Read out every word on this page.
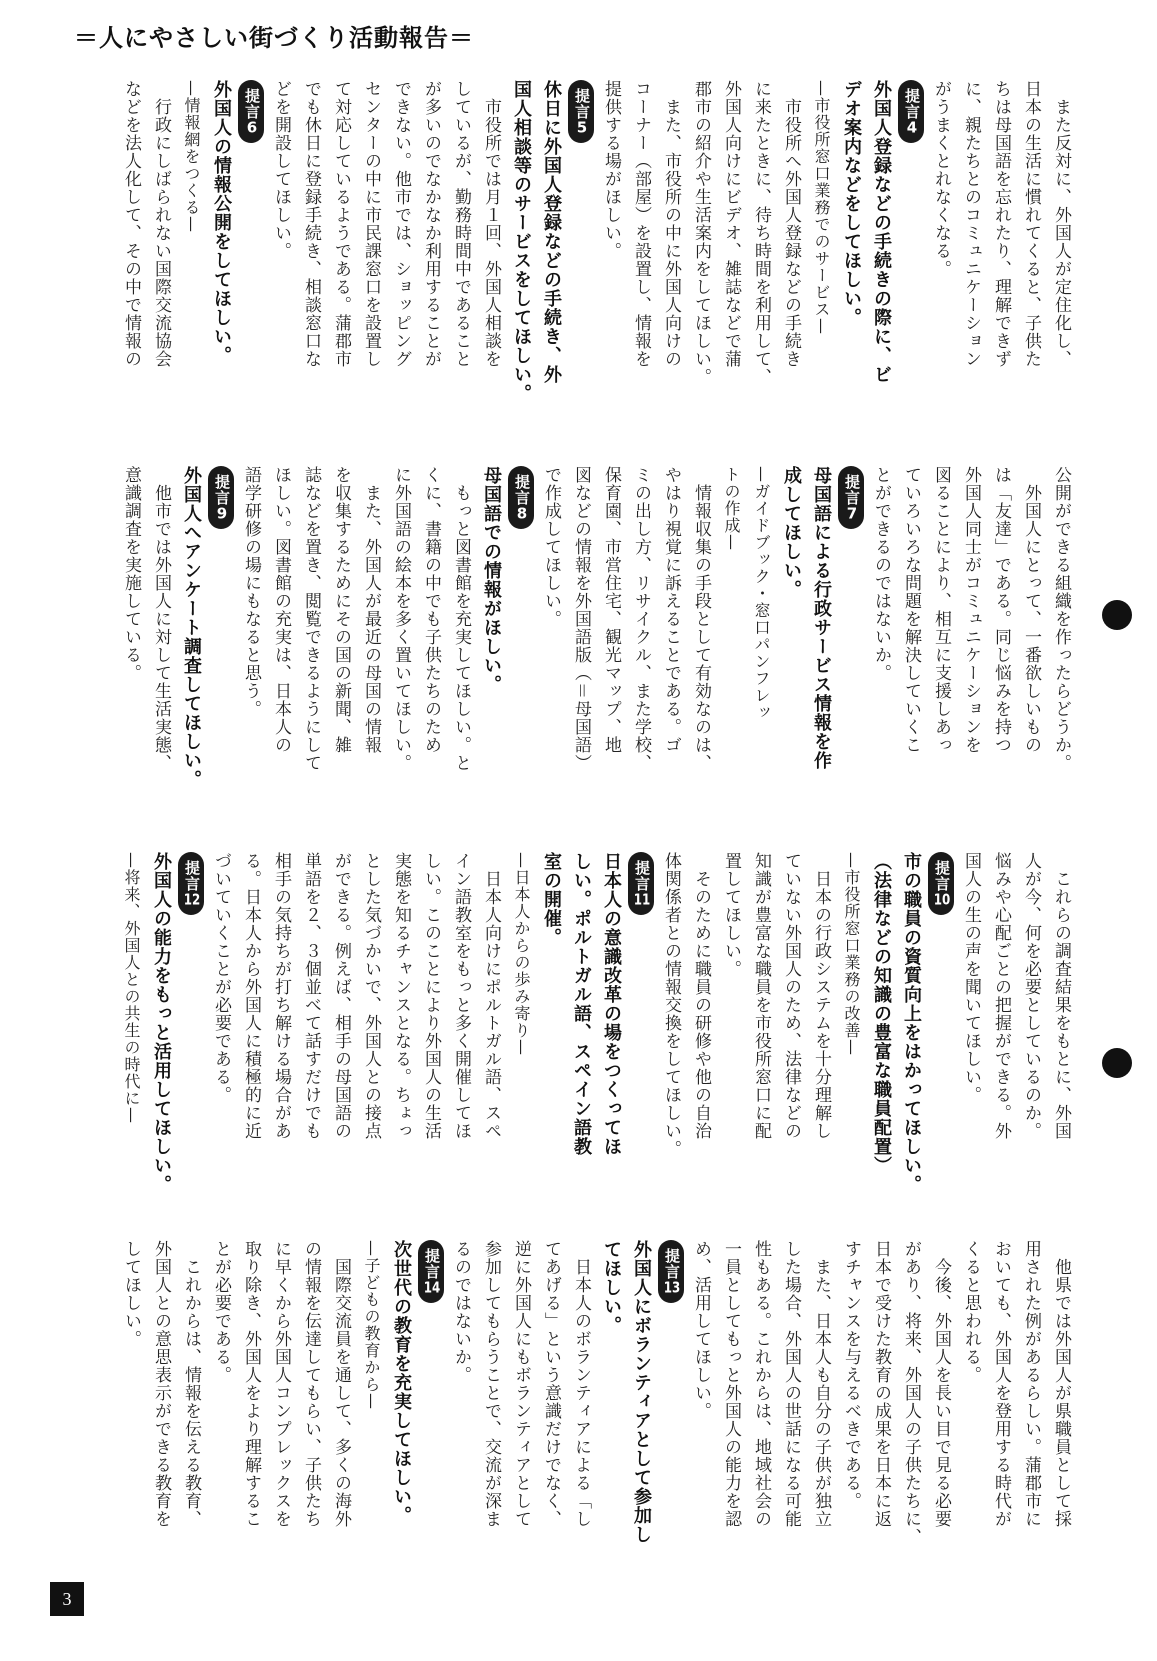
＝人にやさしい街づくり活動報告＝

　また反対に、外国人が定住化し、

日本の生活に慣れてくると、子供た

ちは母国語を忘れたり、理解できず

に、親たちとのコミュニケーション

がうまくとれなくなる。

提言4

外国人登録などの手続きの際に、ビ

デオ案内などをしてほしい。

—市役所窓口業務でのサービス—

　市役所へ外国人登録などの手続き

に来たときに、待ち時間を利用して、

外国人向けにビデオ、雑誌などで蒲

郡市の紹介や生活案内をしてほしい。

　また、市役所の中に外国人向けの

コーナー（部屋）を設置し、情報を

提供する場がほしい。

提言5

休日に外国人登録などの手続き、外

国人相談等のサービスをしてほしい。

　市役所では月１回、外国人相談を

しているが、勤務時間中であること

が多いのでなかなか利用することが

できない。他市では、ショッピング

センターの中に市民課窓口を設置し

て対応しているようである。蒲郡市

でも休日に登録手続き、相談窓口な

どを開設してほしい。

提言6

外国人の情報公開をしてほしい。

—情報網をつくる—

　行政にしばられない国際交流協会

などを法人化して、その中で情報の

公開ができる組織を作ったらどうか。

　外国人にとって、一番欲しいもの

は「友達」である。同じ悩みを持つ

外国人同士がコミュニケーションを

図ることにより、相互に支援しあっ

ていろいろな問題を解決していくこ

とができるのではないか。

提言7

母国語による行政サービス情報を作

成してほしい。

—ガイドブック・窓口パンフレッ

トの作成—

　情報収集の手段として有効なのは、

やはり視覚に訴えることである。ゴ

ミの出し方、リサイクル、また学校、

保育園、市営住宅、観光マップ、地

図などの情報を外国語版（＝母国語）

で作成してほしい。

提言8

母国語での情報がほしい。

　もっと図書館を充実してほしい。と

くに、書籍の中でも子供たちのため

に外国語の絵本を多く置いてほしい。

　また、外国人が最近の母国の情報

を収集するためにその国の新聞、雑

誌などを置き、閲覧できるようにして

ほしい。図書館の充実は、日本人の

語学研修の場にもなると思う。

提言9

外国人へアンケート調査してほしい。

　他市では外国人に対して生活実態、

意識調査を実施している。

　これらの調査結果をもとに、外国

人が今、何を必要としているのか。

悩みや心配ごとの把握ができる。外

国人の生の声を聞いてほしい。

提言10

市の職員の資質向上をはかってほしい。

（法律などの知識の豊富な職員配置）

—市役所窓口業務の改善—

　日本の行政システムを十分理解し

ていない外国人のため、法律などの

知識が豊富な職員を市役所窓口に配

置してほしい。

　そのために職員の研修や他の自治

体関係者との情報交換をしてほしい。

提言11

日本人の意識改革の場をつくってほ

しい。ポルトガル語、スペイン語教

室の開催。

—日本人からの歩み寄り—

　日本人向けにポルトガル語、スペ

イン語教室をもっと多く開催してほ

しい。このことにより外国人の生活

実態を知るチャンスとなる。ちょっ

とした気づかいで、外国人との接点

ができる。例えば、相手の母国語の

単語を２、３個並べて話すだけでも

相手の気持ちが打ち解ける場合があ

る。日本人から外国人に積極的に近

づいていくことが必要である。

提言12

外国人の能力をもっと活用してほしい。

—将来、外国人との共生の時代に—

　他県では外国人が県職員として採

用された例があるらしい。蒲郡市に

おいても、外国人を登用する時代が

くると思われる。

　今後、外国人を長い目で見る必要

があり、将来、外国人の子供たちに、

日本で受けた教育の成果を日本に返

すチャンスを与えるべきである。

　また、日本人も自分の子供が独立

した場合、外国人の世話になる可能

性もある。これからは、地域社会の

一員としてもっと外国人の能力を認

め、活用してほしい。

提言13

外国人にボランティアとして参加し

てほしい。

　日本人のボランティアによる「し

てあげる」という意識だけでなく、

逆に外国人にもボランティアとして

参加してもらうことで、交流が深ま

るのではないか。

提言14

次世代の教育を充実してほしい。

—子どもの教育から—

　国際交流員を通して、多くの海外

の情報を伝達してもらい、子供たち

に早くから外国人コンプレックスを

取り除き、外国人をより理解するこ

とが必要である。

　これからは、情報を伝える教育、

外国人との意思表示ができる教育を

してほしい。

3
